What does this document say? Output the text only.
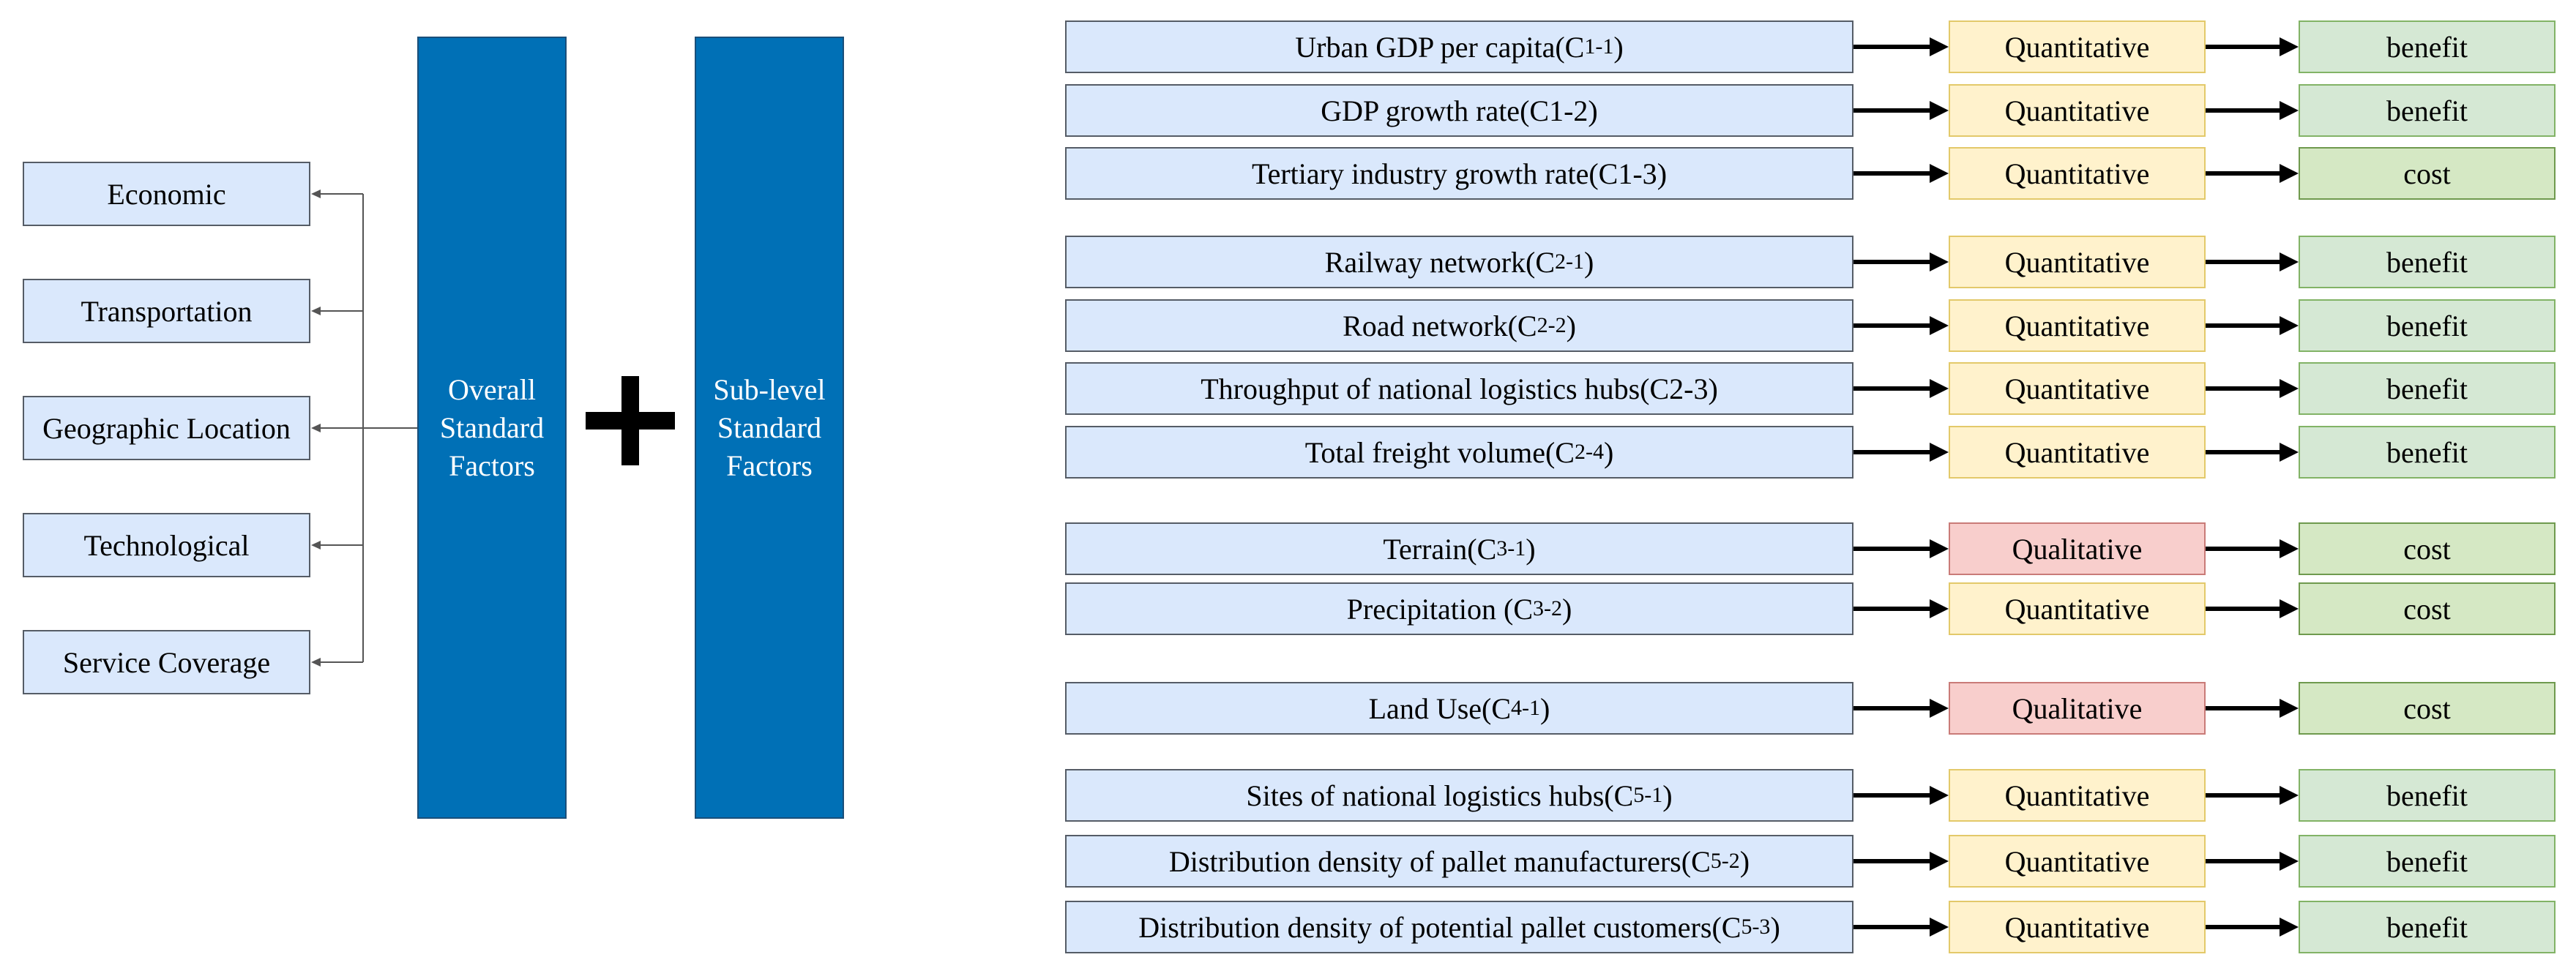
Economic
Transportation
Geographic Location
Technological
Service Coverage
Overall
Standard
Factors
Sub-level
Standard
Factors
Urban GDP per capita(C 1-1 )	Quantitative	benefit
GDP growth rate(C 1-2 )	Quantitative	benefit
Tertiary industry growth rate(C 1-3 )	Quantitative	cost
Railway network(C 2-1 )	Quantitative	benefit
Road network(C 2-2 )	Quantitative	benefit
Throughput of national logistics hubs(C 2-3 )	Quantitative	benefit
Total freight volume(C 2-4 )	Quantitative	benefit
Terrain(C 3-1 )	Qualitative	cost
Precipitation (C 3-2 )	Quantitative	cost
Land Use(C 4-1 )	Qualitative	cost
Sites of national logistics hubs(C 5-1 )	Quantitative	benefit
Distribution density of pallet manufacturers(C 5-2 )	Quantitative	benefit
Distribution density of potential pallet customers(C 5-3 )	Quantitative	benefit
